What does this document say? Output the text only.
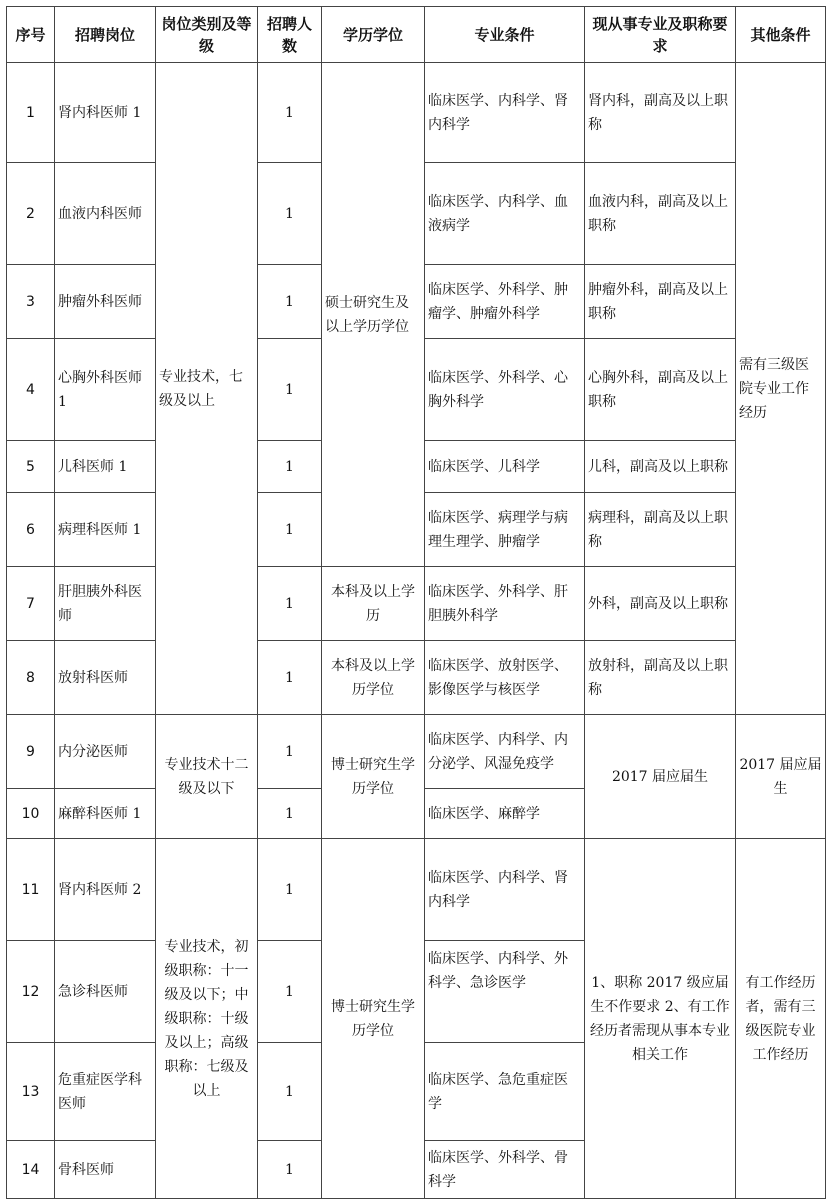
序号	招聘岗位	岗位类别及等级	招聘人数	学历学位	专业条件	现从事专业及职称要求	其他条件
1	肾内科医师 1	专业技术，七级及以上	1	硕士研究生及以上学历学位	临床医学、内科学、肾内科学	肾内科，副高及以上职称	需有三级医院专业工作经历
2	血液内科医师		1		临床医学、内科学、血液病学	血液内科，副高及以上职称	
3	肿瘤外科医师		1		临床医学、外科学、肿瘤学、肿瘤外科学	肿瘤外科，副高及以上职称	
4	心胸外科医师 1		1		临床医学、外科学、心胸外科学	心胸外科，副高及以上职称	
5	儿科医师 1		1		临床医学、儿科学	儿科，副高及以上职称	
6	病理科医师 1		1		临床医学、病理学与病理生理学、肿瘤学	病理科，副高及以上职称	
7	肝胆胰外科医师		1	本科及以上学历	临床医学、外科学、肝胆胰外科学	外科，副高及以上职称	
8	放射科医师		1	本科及以上学历学位	临床医学、放射医学、影像医学与核医学	放射科，副高及以上职称	
9	内分泌医师	专业技术十二级及以下	1	博士研究生学历学位	临床医学、内科学、内分泌学、风湿免疫学	2017 届应届生	2017 届应届生
10	麻醉科医师 1		1		临床医学、麻醉学		
11	肾内科医师 2	专业技术，初级职称：十一级及以下；中级职称：十级及以上；高级职称：七级及以上	1	博士研究生学历学位	临床医学、内科学、肾内科学	1、职称 2017 级应届生不作要求 2、有工作经历者需现从事本专业相关工作	有工作经历者，需有三级医院专业工作经历
12	急诊科医师		1		临床医学、内科学、外科学、急诊医学		
13	危重症医学科医师		1		临床医学、急危重症医学		
14	骨科医师		1		临床医学、外科学、骨科学		
